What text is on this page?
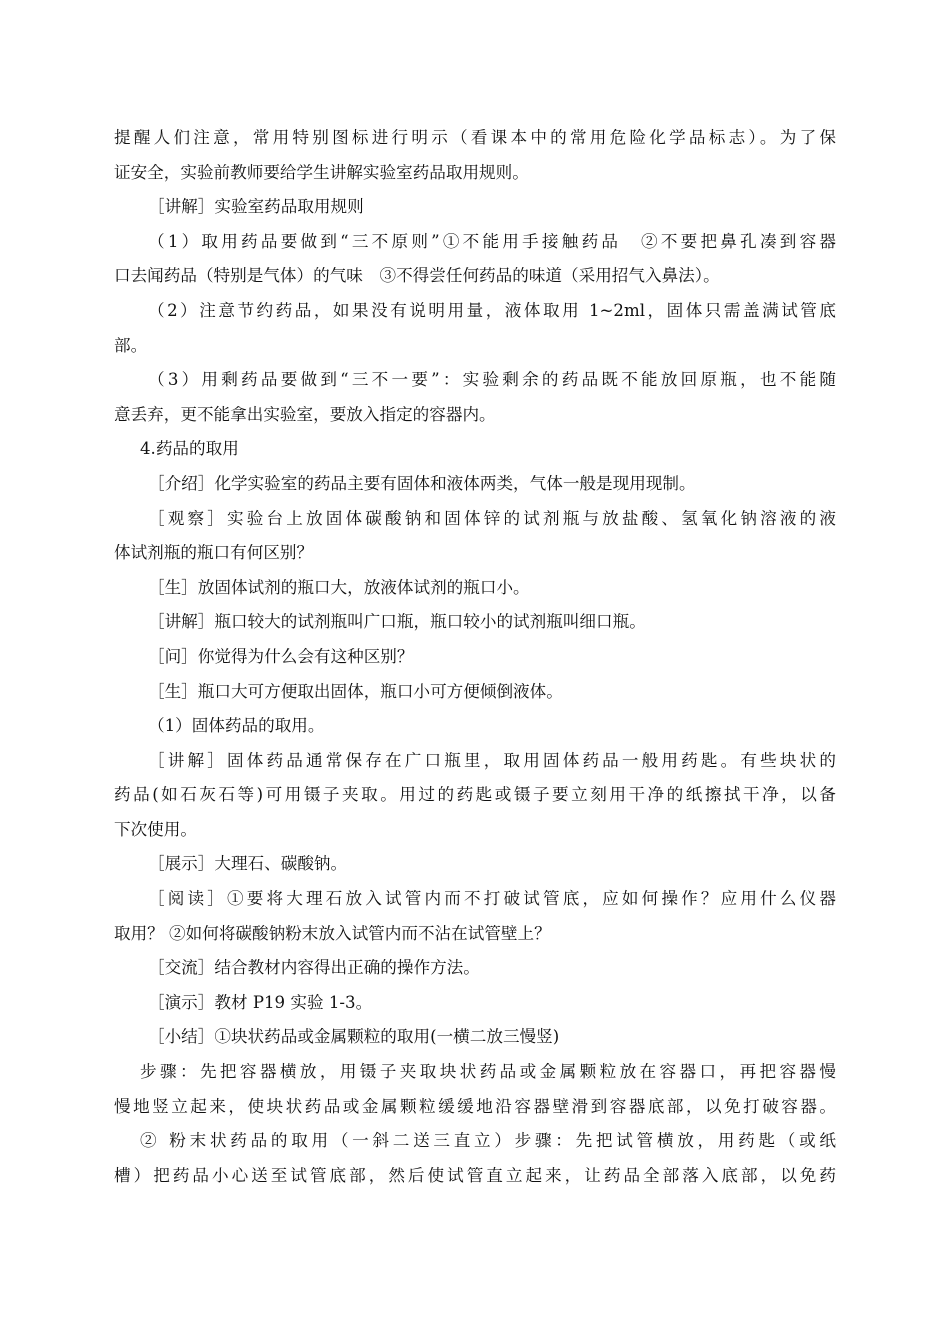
提醒人们注意，常用特别图标进行明示（看课本中的常用危险化学品标志）。为了保
证安全，实验前教师要给学生讲解实验室药品取用规则。
［讲解］实验室药品取用规则
（1）取用药品要做到“三不原则”①不能用手接触药品　②不要把鼻孔凑到容器
口去闻药品（特别是气体）的气味　③不得尝任何药品的味道（采用招气入鼻法）。
（2）注意节约药品，如果没有说明用量，液体取用 1~2ml，固体只需盖满试管底
部。
（3）用剩药品要做到“三不一要”：实验剩余的药品既不能放回原瓶，也不能随
意丢弃，更不能拿出实验室，要放入指定的容器内。
4.药品的取用
［介绍］化学实验室的药品主要有固体和液体两类，气体一般是现用现制。
［观察］实验台上放固体碳酸钠和固体锌的试剂瓶与放盐酸、氢氧化钠溶液的液
体试剂瓶的瓶口有何区别？
［生］放固体试剂的瓶口大，放液体试剂的瓶口小。
［讲解］瓶口较大的试剂瓶叫广口瓶，瓶口较小的试剂瓶叫细口瓶。
［问］你觉得为什么会有这种区别？
［生］瓶口大可方便取出固体，瓶口小可方便倾倒液体。
（1）固体药品的取用。
［讲解］固体药品通常保存在广口瓶里，取用固体药品一般用药匙。有些块状的
药品(如石灰石等)可用镊子夹取。用过的药匙或镊子要立刻用干净的纸擦拭干净，以备
下次使用。
［展示］大理石、碳酸钠。
［阅读］①要将大理石放入试管内而不打破试管底，应如何操作？应用什么仪器
取用？ ②如何将碳酸钠粉末放入试管内而不沾在试管壁上？
［交流］结合教材内容得出正确的操作方法。
［演示］教材 P19 实验 1-3。
［小结］①块状药品或金属颗粒的取用(一横二放三慢竖)
步骤：先把容器横放，用镊子夹取块状药品或金属颗粒放在容器口，再把容器慢
慢地竖立起来，使块状药品或金属颗粒缓缓地沿容器壁滑到容器底部，以免打破容器。
② 粉末状药品的取用（一斜二送三直立）步骤：先把试管横放，用药匙（或纸
槽）把药品小心送至试管底部，然后使试管直立起来，让药品全部落入底部，以免药
